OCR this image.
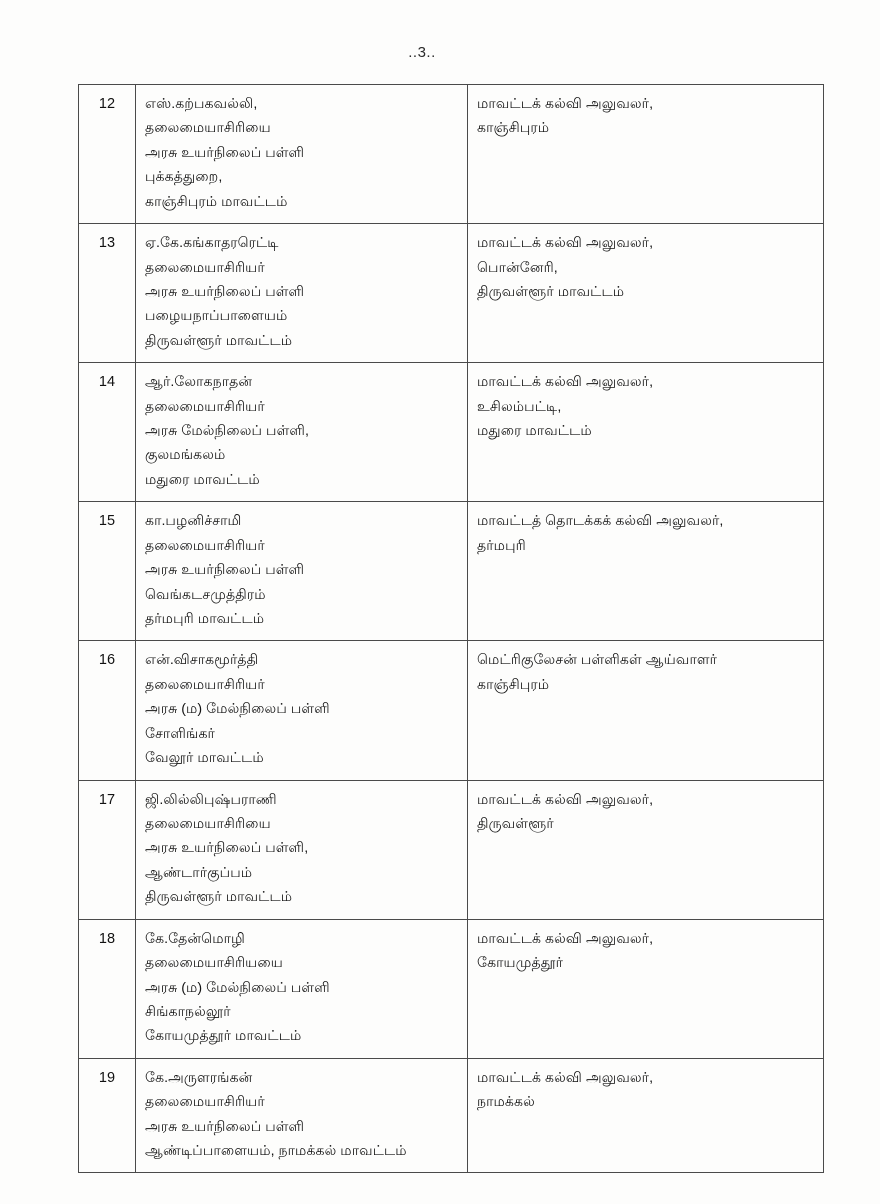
..3..
12	எஸ்.கற்பகவல்லி,
தலைமையாசிரியை
அரசு உயர்நிலைப் பள்ளி
புக்கத்துறை,
காஞ்சிபுரம் மாவட்டம்	மாவட்டக் கல்வி அலுவலர்,
காஞ்சிபுரம்

13	ஏ.கே.கங்காதரரெட்டி
தலைமையாசிரியர்
அரசு உயர்நிலைப் பள்ளி
பழையநாப்பாளையம்
திருவள்ளூர் மாவட்டம்	மாவட்டக் கல்வி அலுவலர்,
பொன்னேரி,
திருவள்ளூர் மாவட்டம்

14	ஆர்.லோகநாதன்
தலைமையாசிரியர்
அரசு மேல்நிலைப் பள்ளி,
குலமங்கலம்
மதுரை மாவட்டம்	மாவட்டக் கல்வி அலுவலர்,
உசிலம்பட்டி,
மதுரை மாவட்டம்

15	கா.பழனிச்சாமி
தலைமையாசிரியர்
அரசு உயர்நிலைப் பள்ளி
வெங்கடசமுத்திரம்
தர்மபுரி மாவட்டம்	மாவட்டத் தொடக்கக் கல்வி அலுவலர்,
தர்மபுரி

16	என்.விசாகமூர்த்தி
தலைமையாசிரியர்
அரசு (ம) மேல்நிலைப் பள்ளி
சோளிங்கர்
வேலூர் மாவட்டம்	மெட்ரிகுலேசன் பள்ளிகள் ஆய்வாளர்
காஞ்சிபுரம்

17	ஜி.லில்லிபுஷ்பராணி
தலைமையாசிரியை
அரசு உயர்நிலைப் பள்ளி,
ஆண்டார்குப்பம்
திருவள்ளூர் மாவட்டம்	மாவட்டக் கல்வி அலுவலர்,
திருவள்ளூர்

18	கே.தேன்மொழி
தலைமையாசிரியயை
அரசு (ம) மேல்நிலைப் பள்ளி
சிங்காநல்லூர்
கோயமுத்தூர் மாவட்டம்	மாவட்டக் கல்வி அலுவலர்,
கோயமுத்தூர்

19	கே.அருளரங்கன்
தலைமையாசிரியர்
அரசு உயர்நிலைப் பள்ளி
ஆண்டிப்பாளையம், நாமக்கல் மாவட்டம்	மாவட்டக் கல்வி அலுவலர்,
நாமக்கல்
